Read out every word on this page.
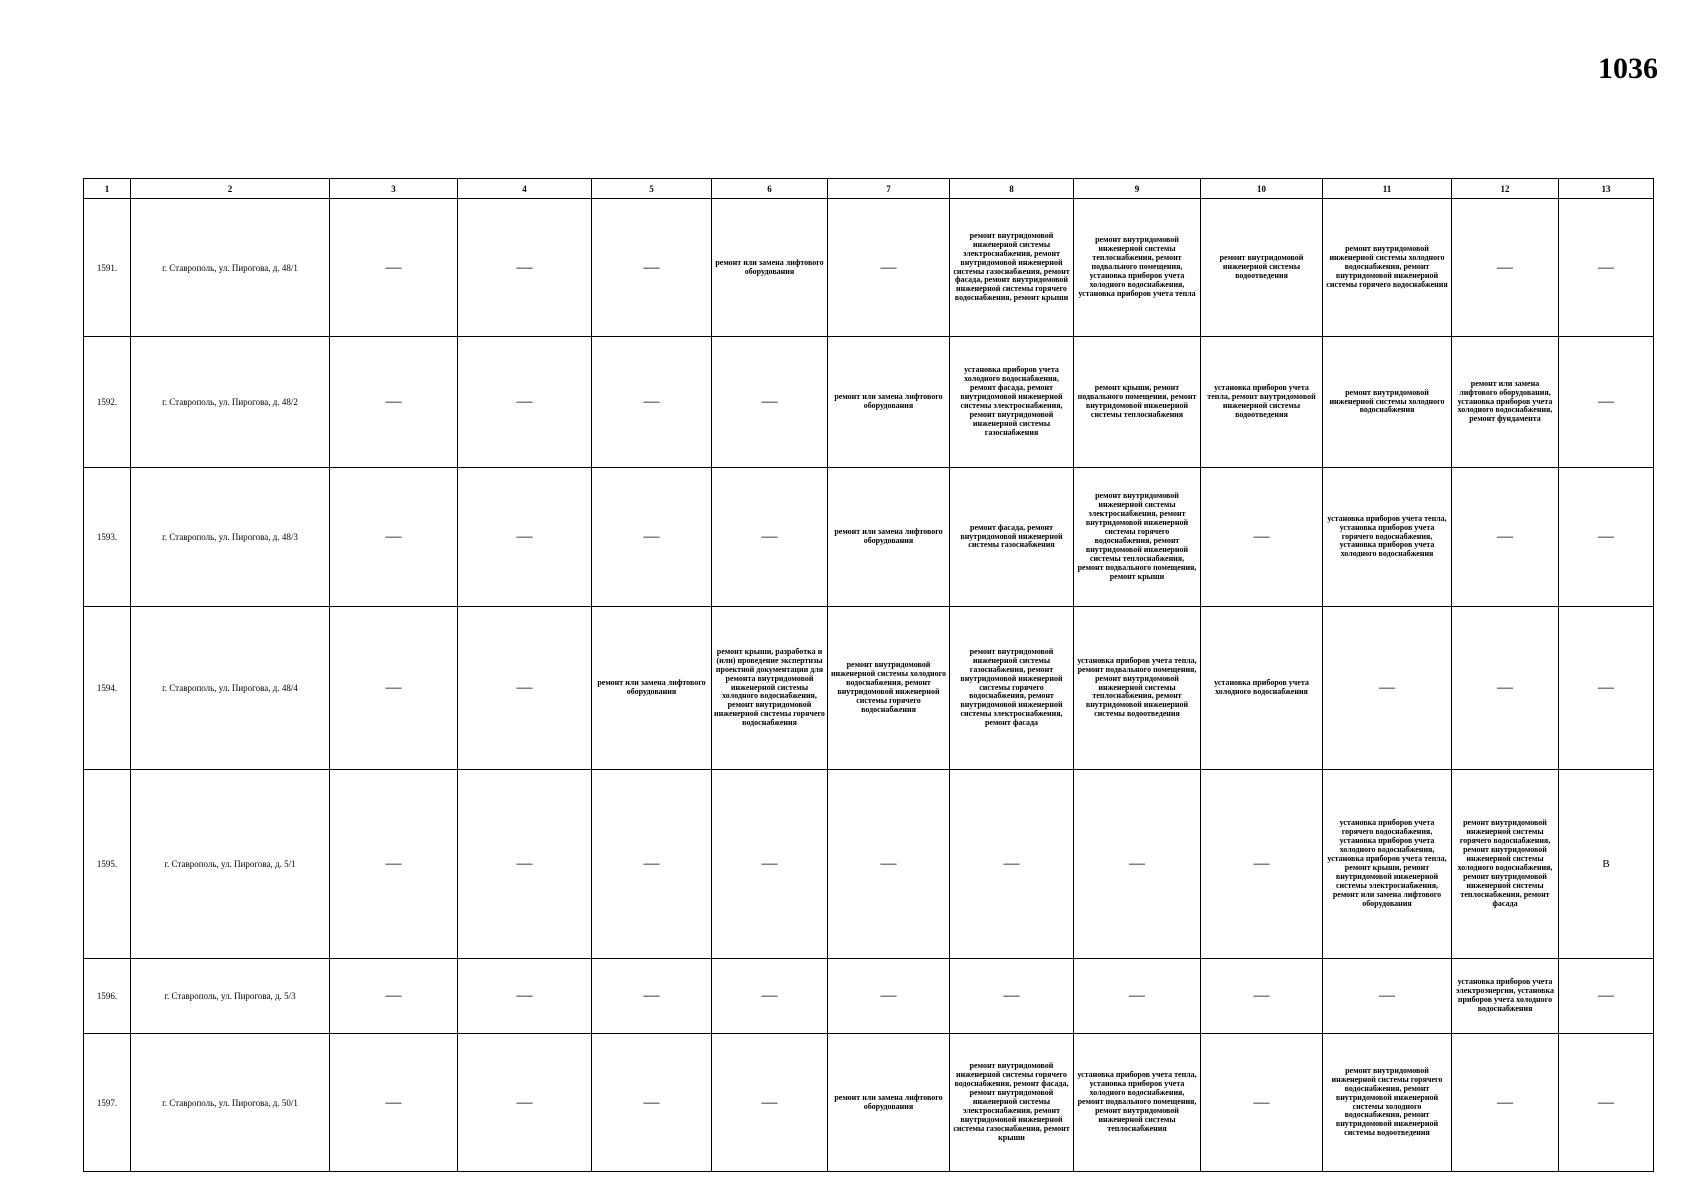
1036
1	2	3	4	5	6	7	8	9	10	11	12	13
1591.	г. Ставрополь, ул. Пирогова, д. 48/1	—	—	—	ремонт или замена лифтового оборудования	—	ремонт внутридомовой инженерной системы электроснабжения, ремонт внутридомовой инженерной системы газоснабжения, ремонт фасада, ремонт внутридомовой инженерной системы горячего водоснабжения, ремонт крыши	ремонт внутридомовой инженерной системы теплоснабжения, ремонт подвального помещения, установка приборов учета холодного водоснабжения, установка приборов учета тепла	ремонт внутридомовой инженерной системы водоотведения	ремонт внутридомовой инженерной системы холодного водоснабжения, ремонт внутридомовой инженерной системы горячего водоснабжения	—	—
1592.	г. Ставрополь, ул. Пирогова, д. 48/2	—	—	—	—	ремонт или замена лифтового оборудования	установка приборов учета холодного водоснабжения, ремонт фасада, ремонт внутридомовой инженерной системы электроснабжения, ремонт внутридомовой инженерной системы газоснабжения	ремонт крыши, ремонт подвального помещения, ремонт внутридомовой инженерной системы теплоснабжения	установка приборов учета тепла, ремонт внутридомовой инженерной системы водоотведения	ремонт внутридомовой инженерной системы холодного водоснабжения	ремонт или замена лифтового оборудования, установка приборов учета холодного водоснабжения, ремонт фундамента	—
1593.	г. Ставрополь, ул. Пирогова, д. 48/3	—	—	—	—	ремонт или замена лифтового оборудования	ремонт фасада, ремонт внутридомовой инженерной системы газоснабжения	ремонт внутридомовой инженерной системы электроснабжения, ремонт внутридомовой инженерной системы горячего водоснабжения, ремонт внутридомовой инженерной системы теплоснабжения, ремонт подвального помещения, ремонт крыши	—	установка приборов учета тепла, установка приборов учета горячего водоснабжения, установка приборов учета холодного водоснабжения	—	—
1594.	г. Ставрополь, ул. Пирогова, д. 48/4	—	—	ремонт или замена лифтового оборудования	ремонт крыши, разработка и (или) проведение экспертизы проектной документации для ремонта внутридомовой инженерной системы холодного водоснабжения, ремонт внутридомовой инженерной системы горячего водоснабжения	ремонт внутридомовой инженерной системы холодного водоснабжения, ремонт внутридомовой инженерной системы горячего водоснабжения	ремонт внутридомовой инженерной системы газоснабжения, ремонт внутридомовой инженерной системы горячего водоснабжения, ремонт внутридомовой инженерной системы электроснабжения, ремонт фасада	установка приборов учета тепла, ремонт подвального помещения, ремонт внутридомовой инженерной системы теплоснабжения, ремонт внутридомовой инженерной системы водоотведения	установка приборов учета холодного водоснабжения	—	—	—
1595.	г. Ставрополь, ул. Пирогова, д. 5/1	—	—	—	—	—	—	—	—	установка приборов учета горячего водоснабжения, установка приборов учета холодного водоснабжения, установка приборов учета тепла, ремонт крыши, ремонт внутридомовой инженерной системы электроснабжения, ремонт или замена лифтового оборудования	ремонт внутридомовой инженерной системы горячего водоснабжения, ремонт внутридомовой инженерной системы холодного водоснабжения, ремонт внутридомовой инженерной системы теплоснабжения, ремонт фасада	В
1596.	г. Ставрополь, ул. Пирогова, д. 5/3	—	—	—	—	—	—	—	—	—	установка приборов учета электроэнергии, установка приборов учета холодного водоснабжения	—
1597.	г. Ставрополь, ул. Пирогова, д. 50/1	—	—	—	—	ремонт или замена лифтового оборудования	ремонт внутридомовой инженерной системы горячего водоснабжения, ремонт фасада, ремонт внутридомовой инженерной системы электроснабжения, ремонт внутридомовой инженерной системы газоснабжения, ремонт крыши	установка приборов учета тепла, установка приборов учета холодного водоснабжения, ремонт подвального помещения, ремонт внутридомовой инженерной системы теплоснабжения	—	ремонт внутридомовой инженерной системы горячего водоснабжения, ремонт внутридомовой инженерной системы холодного водоснабжения, ремонт внутридомовой инженерной системы водоотведения	—	—
